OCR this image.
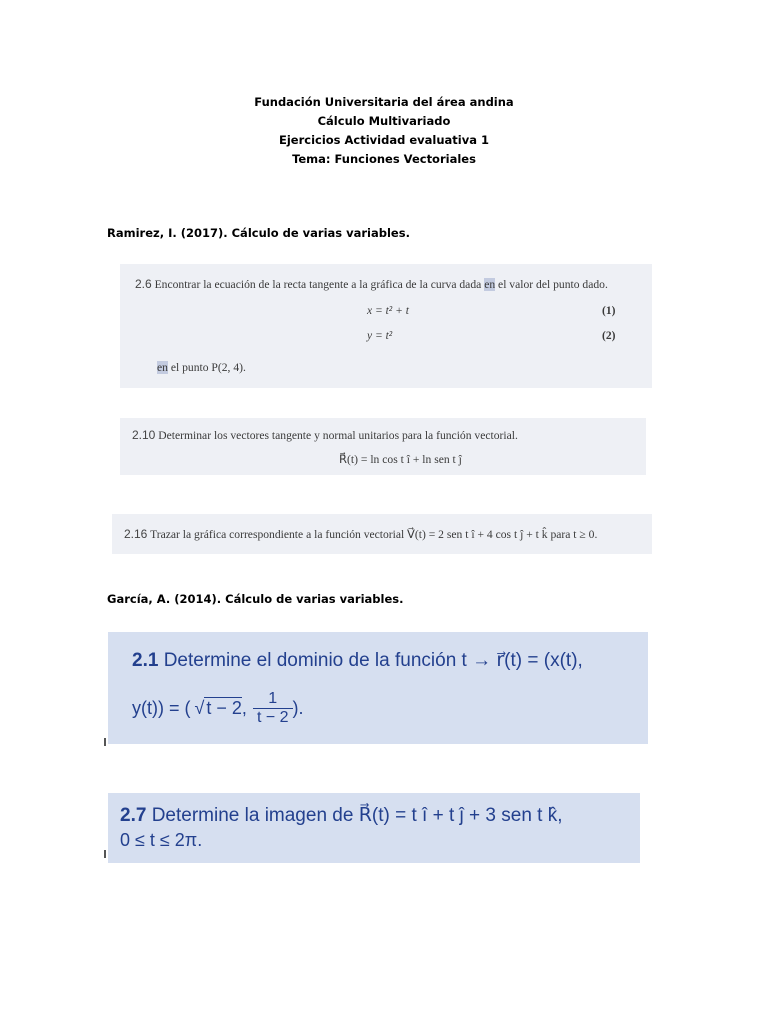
Fundación Universitaria del área andina
Cálculo Multivariado
Ejercicios Actividad evaluativa 1
Tema: Funciones Vectoriales
Ramirez, I. (2017). Cálculo de varias variables.
2.6 Encontrar la ecuación de la recta tangente a la gráfica de la curva dada en el valor del punto dado.
x = t² + t	(1)
y = t²	(2)
en el punto P(2, 4).
2.10 Determinar los vectores tangente y normal unitarios para la función vectorial.
R⃗(t) = ln cos t î + ln sen t ĵ
2.16 Trazar la gráfica correspondiente a la función vectorial V⃗(t) = 2 sen t î + 4 cos t ĵ + t k̂ para t ≥ 0.
García, A. (2014). Cálculo de varias variables.
2.1 Determine el dominio de la función t → r⃗(t) = (x(t),
y(t)) = ( √ t − 2 , $\frac{1}{t - 2}$ ).
2.7 Determine la imagen de R⃗(t) = t î + t ĵ + 3 sen t k̂,
0 ≤ t ≤ 2π.
